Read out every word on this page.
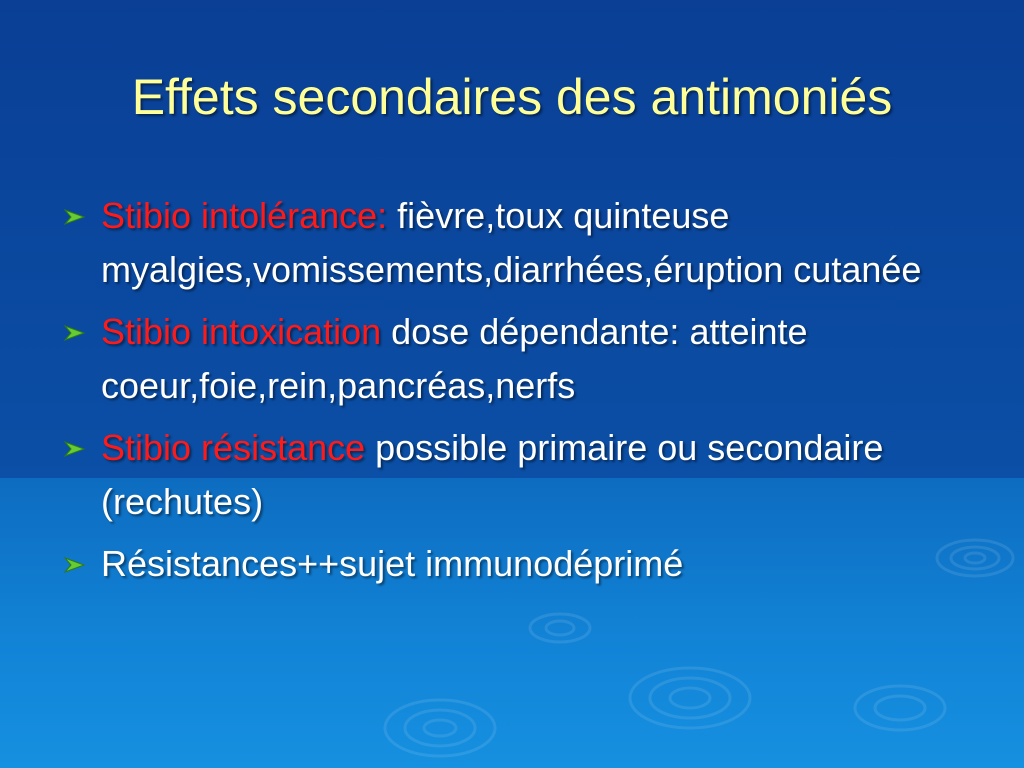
Effets secondaires des antimoniés
Stibio intolérance: fièvre,toux quinteuse myalgies,vomissements,diarrhées,éruption cutanée
Stibio intoxication dose dépendante: atteinte coeur,foie,rein,pancréas,nerfs
Stibio résistance possible primaire ou secondaire (rechutes)
Résistances++sujet immunodéprimé
